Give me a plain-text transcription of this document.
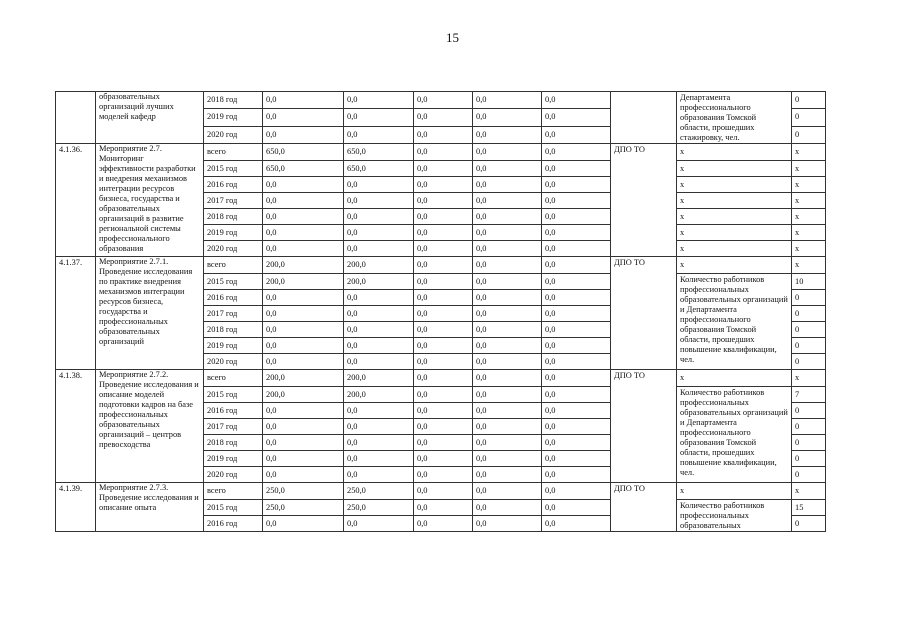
15

	образовательных организаций лучших моделей кафедр	2018 год	0,0	0,0	0,0	0,0	0,0		Департамента профессионального образования Томской области, прошедших стажировку, чел.	0
		2019 год	0,0	0,0	0,0	0,0	0,0			0
		2020 год	0,0	0,0	0,0	0,0	0,0			0
4.1.36.	Мероприятие 2.7. Мониторинг эффективности разработки и внедрения механизмов интеграции ресурсов бизнеса, государства и образовательных организаций в развитие региональной системы профессионального образования	всего	650,0	650,0	0,0	0,0	0,0	ДПО ТО	х	х
		2015 год	650,0	650,0	0,0	0,0	0,0		х	х
		2016 год	0,0	0,0	0,0	0,0	0,0		х	х
		2017 год	0,0	0,0	0,0	0,0	0,0		х	х
		2018 год	0,0	0,0	0,0	0,0	0,0		х	х
		2019 год	0,0	0,0	0,0	0,0	0,0		х	х
		2020 год	0,0	0,0	0,0	0,0	0,0		х	х
4.1.37.	Мероприятие 2.7.1. Проведение исследования по практике внедрения механизмов интеграции ресурсов бизнеса, государства и профессиональных образовательных организаций	всего	200,0	200,0	0,0	0,0	0,0	ДПО ТО	х	х
		2015 год	200,0	200,0	0,0	0,0	0,0		Количество работников профессиональных образовательных организаций и Департамента профессионального образования Томской области, прошедших повышение квалификации, чел.	10
		2016 год	0,0	0,0	0,0	0,0	0,0			0
		2017 год	0,0	0,0	0,0	0,0	0,0			0
		2018 год	0,0	0,0	0,0	0,0	0,0			0
		2019 год	0,0	0,0	0,0	0,0	0,0			0
		2020 год	0,0	0,0	0,0	0,0	0,0			0
4.1.38.	Мероприятие 2.7.2. Проведение исследования и описание моделей подготовки кадров на базе профессиональных образовательных организаций – центров превосходства	всего	200,0	200,0	0,0	0,0	0,0	ДПО ТО	х	х
		2015 год	200,0	200,0	0,0	0,0	0,0		Количество работников профессиональных образовательных организаций и Департамента профессионального образования Томской области, прошедших повышение квалификации, чел.	7
		2016 год	0,0	0,0	0,0	0,0	0,0			0
		2017 год	0,0	0,0	0,0	0,0	0,0			0
		2018 год	0,0	0,0	0,0	0,0	0,0			0
		2019 год	0,0	0,0	0,0	0,0	0,0			0
		2020 год	0,0	0,0	0,0	0,0	0,0			0
4.1.39.	Мероприятие 2.7.3. Проведение исследования и описание опыта	всего	250,0	250,0	0,0	0,0	0,0	ДПО ТО	х	х
		2015 год	250,0	250,0	0,0	0,0	0,0		Количество работников профессиональных образовательных	15
		2016 год	0,0	0,0	0,0	0,0	0,0			0
